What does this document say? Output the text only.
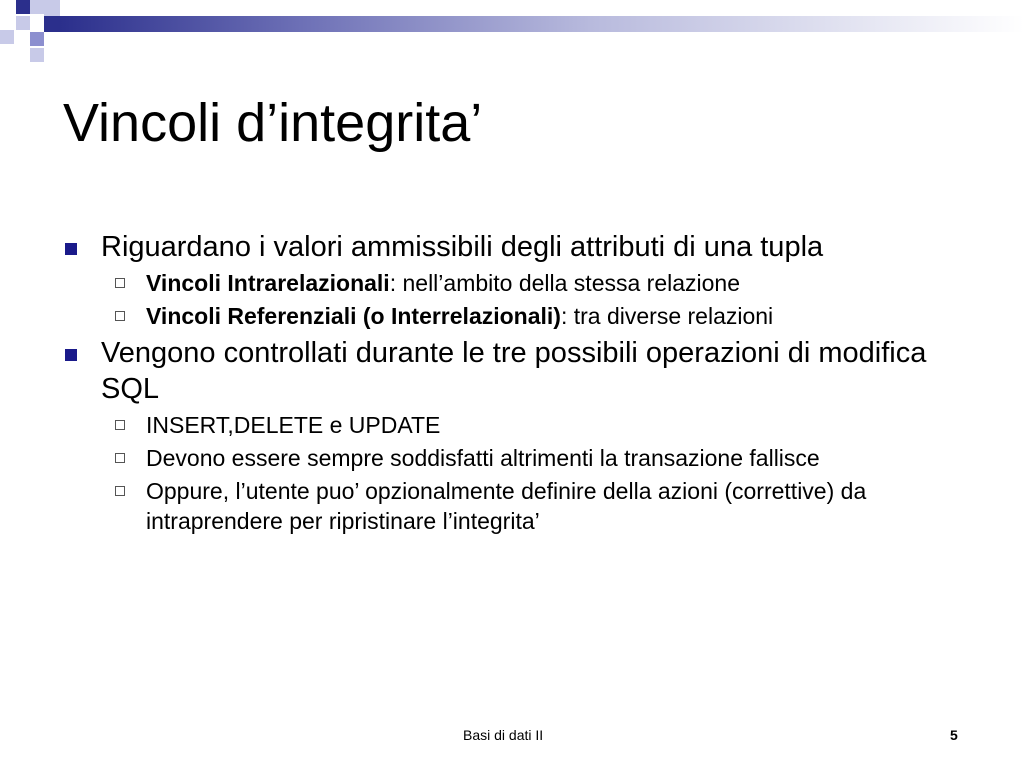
Vincoli d’integrita’
Riguardano i valori ammissibili degli attributi di una tupla
Vincoli Intrarelazionali: nell’ambito della stessa relazione
Vincoli Referenziali (o Interrelazionali): tra diverse relazioni
Vengono controllati durante le tre possibili operazioni di modifica SQL
INSERT,DELETE e UPDATE
Devono essere sempre soddisfatti altrimenti la transazione fallisce
Oppure, l’utente puo’ opzionalmente definire della azioni (correttive) da intraprendere per ripristinare l’integrita’
Basi di dati II	5
